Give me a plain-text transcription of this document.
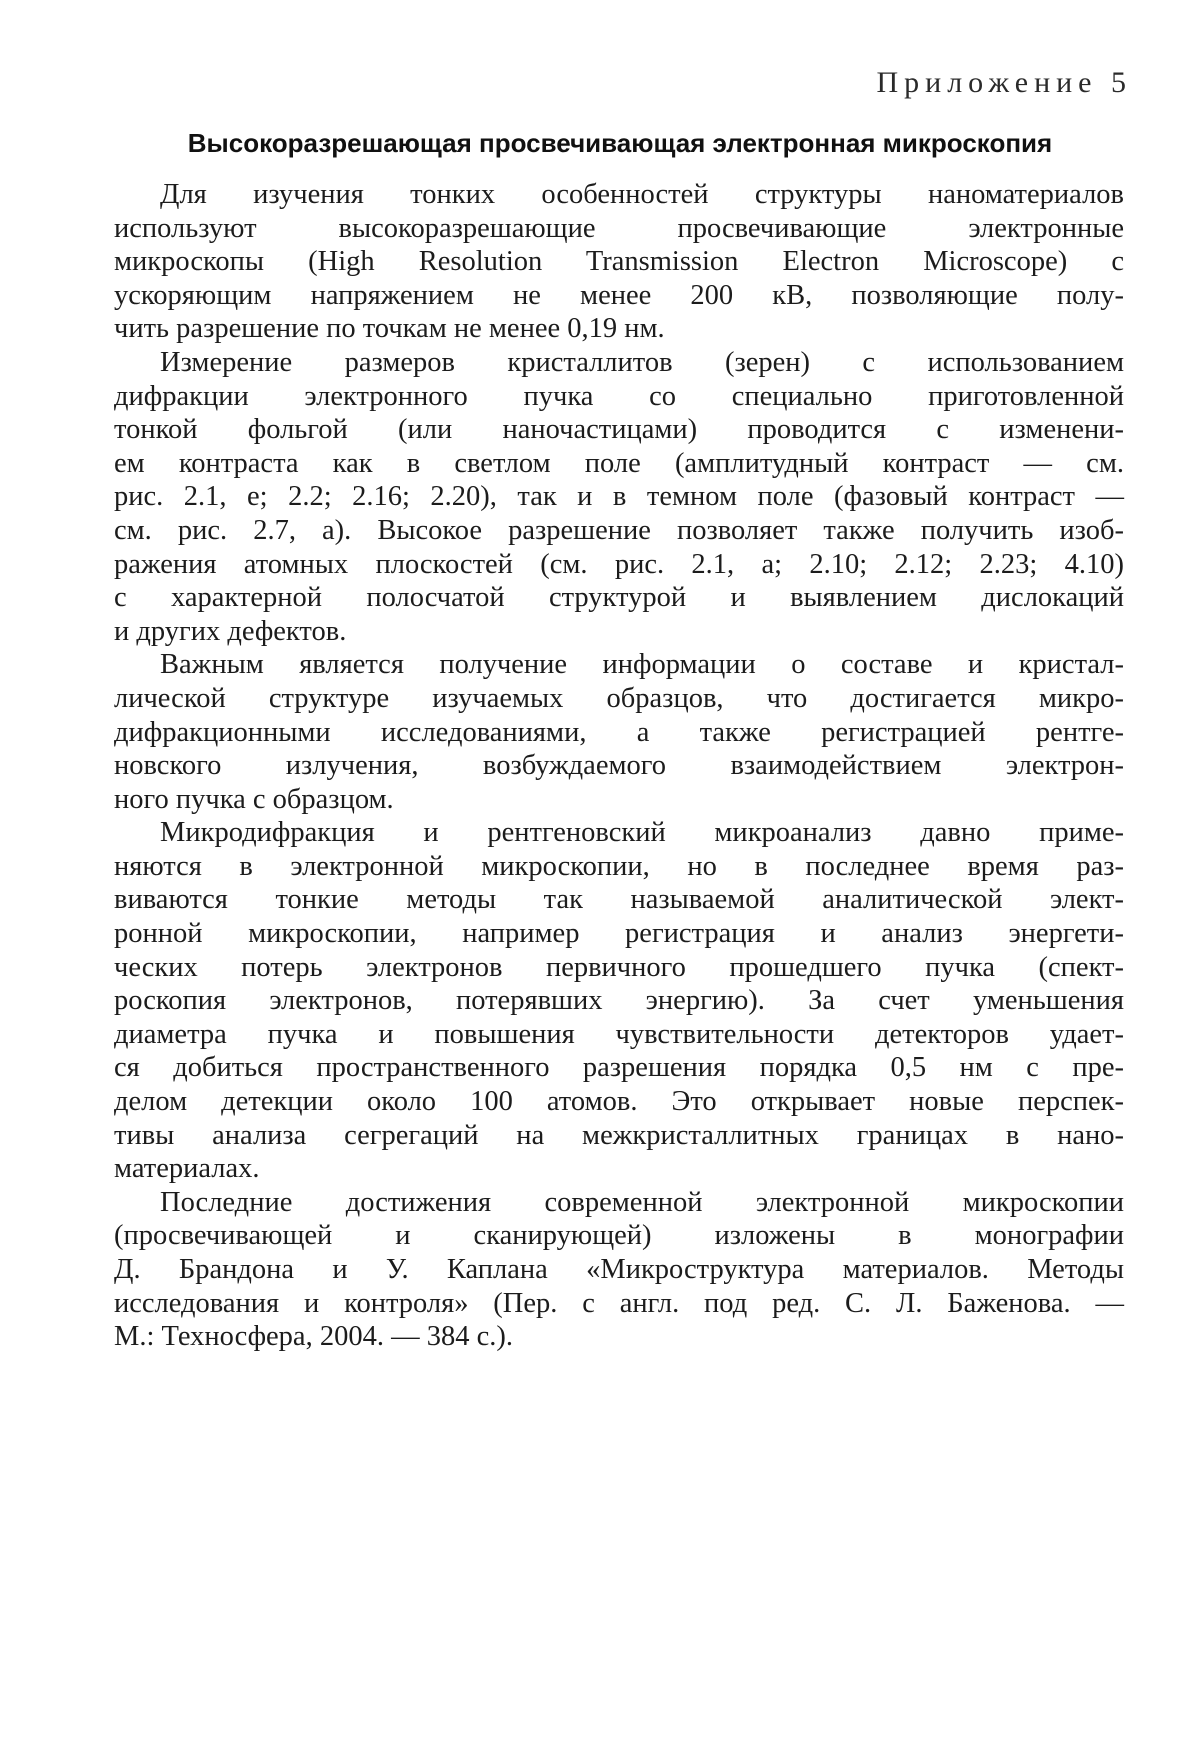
Приложение 5
Высокоразрешающая просвечивающая электронная микроскопия
Для изучения тонких особенностей структуры наноматериалов
используют высокоразрешающие просвечивающие электронные
микроскопы (High Resolution Transmission Electron Microscope) с
ускоряющим напряжением не менее 200 кВ, позволяющие полу-
чить разрешение по точкам не менее 0,19 нм.
Измерение размеров кристаллитов (зерен) с использованием
дифракции электронного пучка со специально приготовленной
тонкой фольгой (или наночастицами) проводится с изменени-
ем контраста как в светлом поле (амплитудный контраст — см.
рис. 2.1, е; 2.2; 2.16; 2.20), так и в темном поле (фазовый контраст —
см. рис. 2.7, а). Высокое разрешение позволяет также получить изоб-
ражения атомных плоскостей (см. рис. 2.1, а; 2.10; 2.12; 2.23; 4.10)
с характерной полосчатой структурой и выявлением дислокаций
и других дефектов.
Важным является получение информации о составе и кристал-
лической структуре изучаемых образцов, что достигается микро-
дифракционными исследованиями, а также регистрацией рентге-
новского излучения, возбуждаемого взаимодействием электрон-
ного пучка с образцом.
Микродифракция и рентгеновский микроанализ давно приме-
няются в электронной микроскопии, но в последнее время раз-
виваются тонкие методы так называемой аналитической элект-
ронной микроскопии, например регистрация и анализ энергети-
ческих потерь электронов первичного прошедшего пучка (спект-
роскопия электронов, потерявших энергию). За счет уменьшения
диаметра пучка и повышения чувствительности детекторов удает-
ся добиться пространственного разрешения порядка 0,5 нм с пре-
делом детекции около 100 атомов. Это открывает новые перспек-
тивы анализа сегрегаций на межкристаллитных границах в нано-
материалах.
Последние достижения современной электронной микроскопии
(просвечивающей и сканирующей) изложены в монографии
Д. Брандона и У. Каплана «Микроструктура материалов. Методы
исследования и контроля» (Пер. с англ. под ред. С. Л. Баженова. —
М.: Техносфера, 2004. — 384 с.).
